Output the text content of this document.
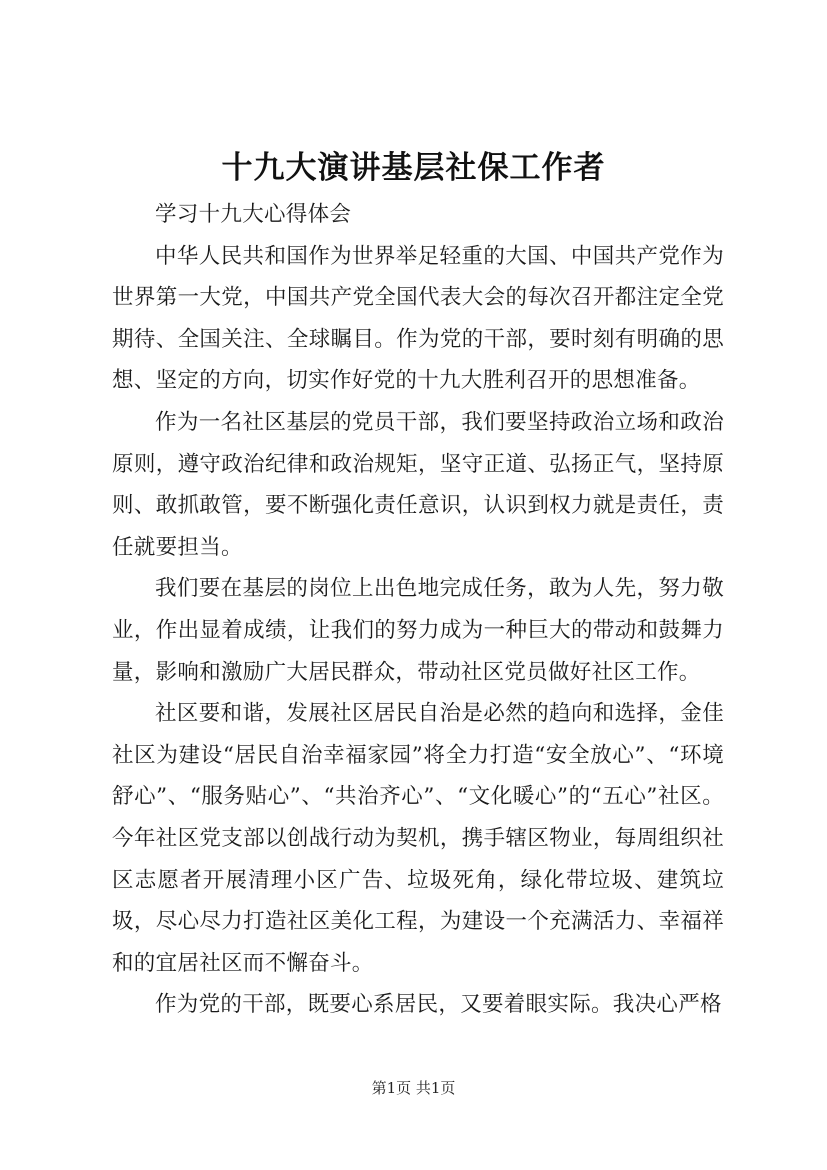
十九大演讲基层社保工作者

学习十九大心得体会

中华人民共和国作为世界举足轻重的大国、中国共产党作为世界第一大党，中国共产党全国代表大会的每次召开都注定全党期待、全国关注、全球瞩目。作为党的干部，要时刻有明确的思想、坚定的方向，切实作好党的十九大胜利召开的思想准备。

作为一名社区基层的党员干部，我们要坚持政治立场和政治原则，遵守政治纪律和政治规矩，坚守正道、弘扬正气，坚持原则、敢抓敢管，要不断强化责任意识，认识到权力就是责任，责任就要担当。

我们要在基层的岗位上出色地完成任务，敢为人先，努力敬业，作出显着成绩，让我们的努力成为一种巨大的带动和鼓舞力量，影响和激励广大居民群众，带动社区党员做好社区工作。

社区要和谐，发展社区居民自治是必然的趋向和选择，金佳社区为建设“居民自治幸福家园”将全力打造“安全放心”、“环境舒心”、“服务贴心”、“共治齐心”、“文化暖心”的“五心”社区。今年社区党支部以创战行动为契机，携手辖区物业，每周组织社区志愿者开展清理小区广告、垃圾死角，绿化带垃圾、建筑垃圾，尽心尽力打造社区美化工程，为建设一个充满活力、幸福祥和的宜居社区而不懈奋斗。

作为党的干部，既要心系居民，又要着眼实际。我决心严格

第1页 共1页
